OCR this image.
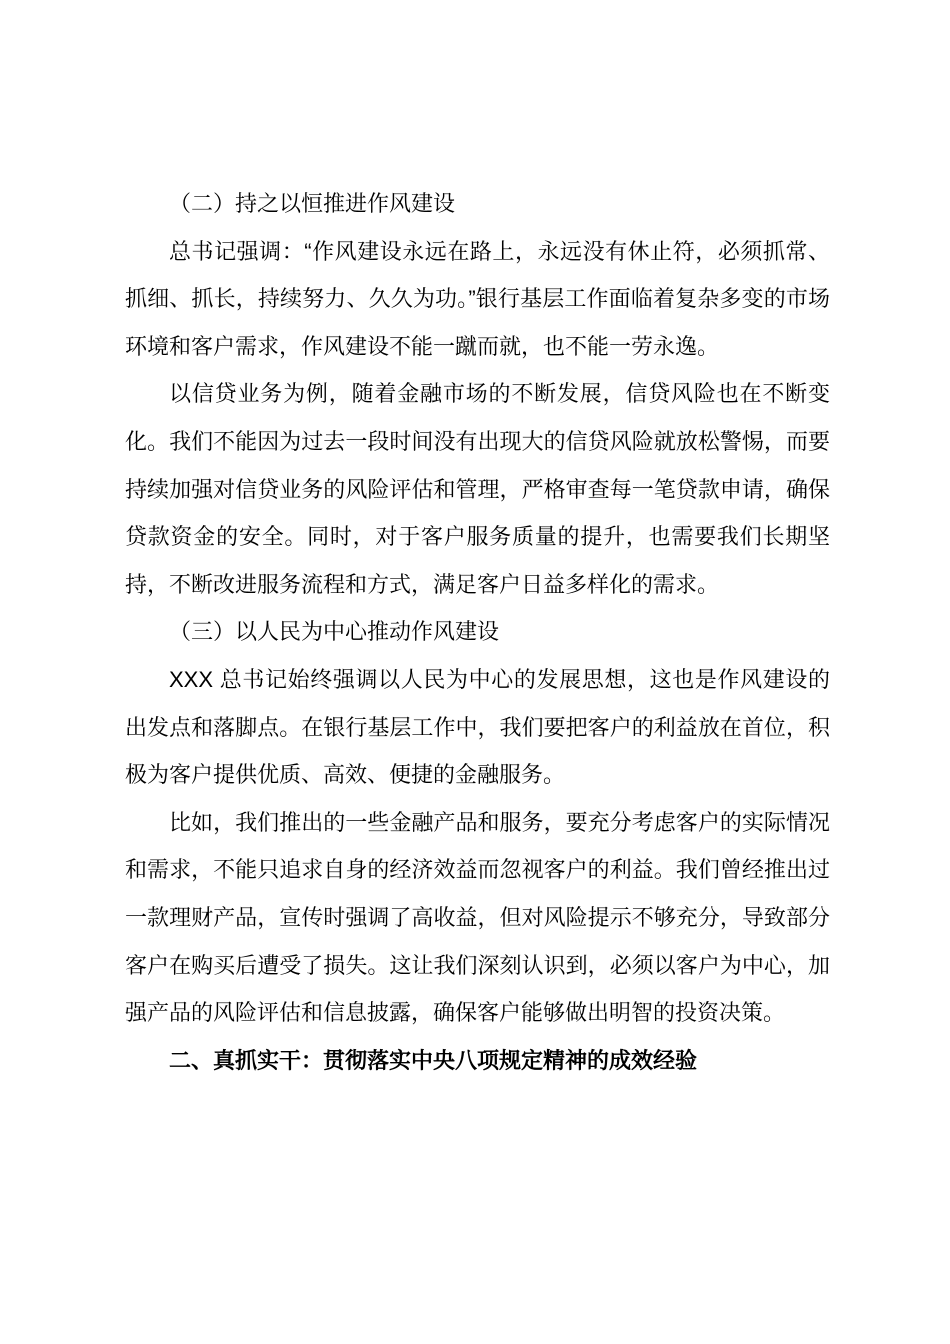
（二）持之以恒推进作风建设
总书记强调：“作风建设永远在路上，永远没有休止符，必须抓常、抓细、抓长，持续努力、久久为功。”银行基层工作面临着复杂多变的市场环境和客户需求，作风建设不能一蹴而就，也不能一劳永逸。
以信贷业务为例，随着金融市场的不断发展，信贷风险也在不断变化。我们不能因为过去一段时间没有出现大的信贷风险就放松警惕，而要持续加强对信贷业务的风险评估和管理，严格审查每一笔贷款申请，确保贷款资金的安全。同时，对于客户服务质量的提升，也需要我们长期坚持，不断改进服务流程和方式，满足客户日益多样化的需求。
（三）以人民为中心推动作风建设
XXX 总书记始终强调以人民为中心的发展思想，这也是作风建设的出发点和落脚点。在银行基层工作中，我们要把客户的利益放在首位，积极为客户提供优质、高效、便捷的金融服务。
比如，我们推出的一些金融产品和服务，要充分考虑客户的实际情况和需求，不能只追求自身的经济效益而忽视客户的利益。我们曾经推出过一款理财产品，宣传时强调了高收益，但对风险提示不够充分，导致部分客户在购买后遭受了损失。这让我们深刻认识到，必须以客户为中心，加强产品的风险评估和信息披露，确保客户能够做出明智的投资决策。
二、真抓实干：贯彻落实中央八项规定精神的成效经验
